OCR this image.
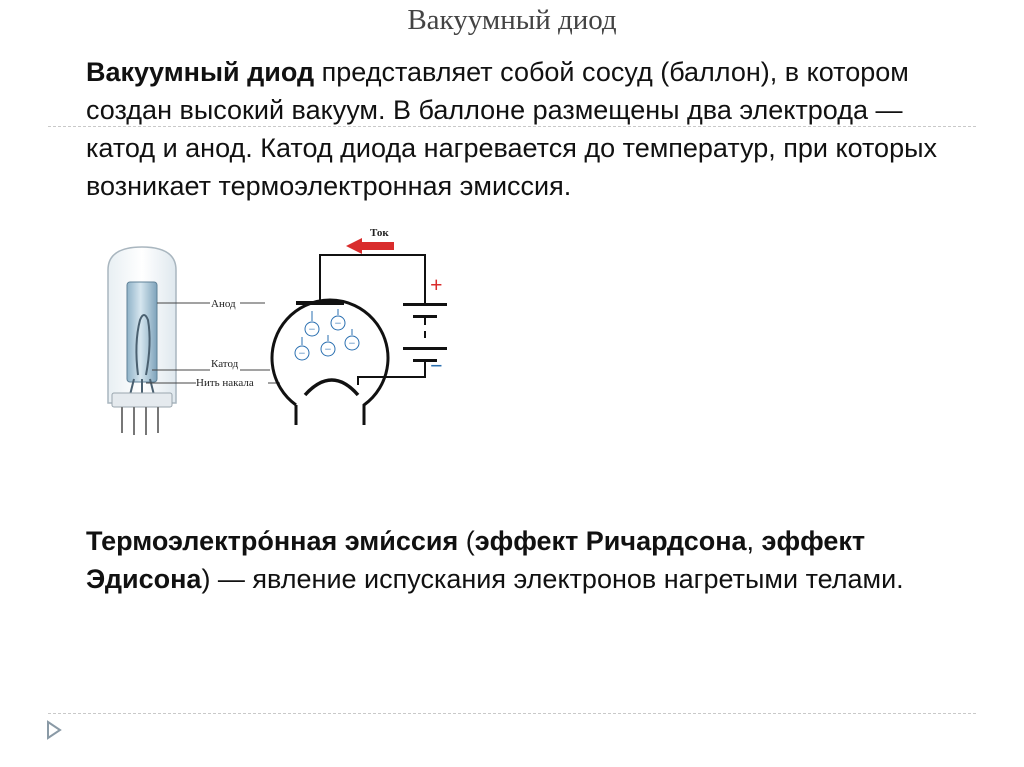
Вакуумный диод
Вакуумный диод представляет собой сосуд (баллон), в котором создан высокий вакуум. В баллоне размещены два электрода — катод и анод. Катод диода нагревается до температур, при которых возникает термоэлектронная эмиссия.
Анод
Катод
Нить накала
+
−
Ток
− −
− − −
Термоэлектро́нная эми́ссия (эффект Ричардсона, эффект Эдисона) — явление испускания электронов нагретыми телами.
